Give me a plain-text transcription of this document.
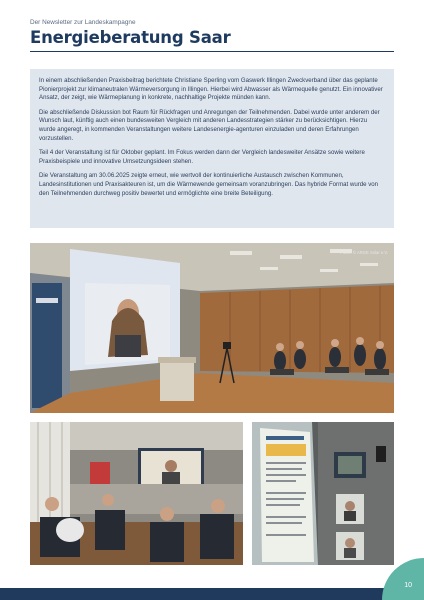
Der Newsletter zur Landeskampagne
Energieberatung Saar

In einem abschließenden Praxisbeitrag berichtete Christiane Sperling vom Gaswerk Illingen Zweckverband über das geplante Pionierprojekt zur klimaneutralen Wärmeversorgung in Illingen. Hierbei wird Abwasser als Wärmequelle genutzt. Ein innovativer Ansatz, der zeigt, wie Wärmeplanung in konkrete, nachhaltige Projekte münden kann.

Die abschließende Diskussion bot Raum für Rückfragen und Anregungen der Teilnehmenden. Dabei wurde unter anderem der Wunsch laut, künftig auch einen bundesweiten Vergleich mit anderen Landesstrategien stärker zu berücksichtigen. Hierzu wurde angeregt, in kommenden Veranstaltungen weitere Landesenergie-agenturen einzuladen und deren Erfahrungen vorzustellen.

Teil 4 der Veranstaltung ist für Oktober geplant. Im Fokus werden dann der Vergleich landesweiter Ansätze sowie weitere Praxisbeispiele und innovative Umsetzungsideen stehen.

Die Veranstaltung am 30.06.2025 zeigte erneut, wie wertvoll der kontinuierliche Austausch zwischen Kommunen, Landesinstitutionen und Praxisakteuren ist, um die Wärmewende gemeinsam voranzubringen. Das hybride Format wurde von den Teilnehmenden durchweg positiv bewertet und ermöglichte eine breite Beteiligung.

Fotos: © ARGE Solar e.V.
10
